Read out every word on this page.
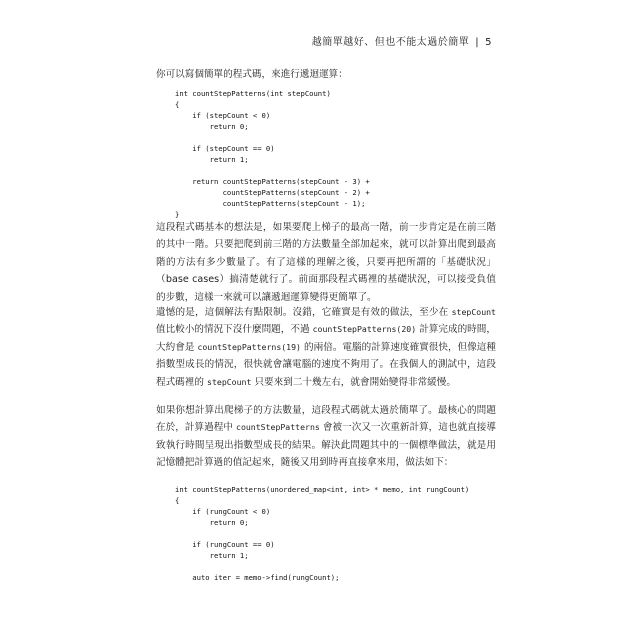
越簡單越好、但也不能太過於簡單 | 5

你可以寫個簡單的程式碼，來進行遞迴運算：

int countStepPatterns(int stepCount)
{
if (stepCount < 0)
return 0;

if (stepCount == 0)
return 1;

return countStepPatterns(stepCount - 3) +
countStepPatterns(stepCount - 2) +
countStepPatterns(stepCount - 1);
}

這段程式碼基本的想法是，如果要爬上梯子的最高一階，前一步肯定是在前三階的其中一階。只要把爬到前三階的方法數量全部加起來，就可以計算出爬到最高階的方法有多少數量了。有了這樣的理解之後，只要再把所謂的「基礎狀況」（base cases）搞清楚就行了。前面那段程式碼裡的基礎狀況，可以接受負值的步數，這樣一來就可以讓遞迴運算變得更簡單了。

遺憾的是，這個解法有點限制。沒錯，它確實是有效的做法，至少在 stepCount 值比較小的情況下沒什麼問題，不過 countStepPatterns(20) 計算完成的時間，大約會是 countStepPatterns(19) 的兩倍。電腦的計算速度確實很快，但像這種指數型成長的情況，很快就會讓電腦的速度不夠用了。在我個人的測試中，這段程式碼裡的 stepCount 只要來到二十幾左右，就會開始變得非常緩慢。

如果你想計算出爬梯子的方法數量，這段程式碼就太過於簡單了。最核心的問題在於，計算過程中 countStepPatterns 會被一次又一次重新計算，這也就直接導致執行時間呈現出指數型成長的結果。解決此問題其中的一個標準做法，就是用記憶體把計算過的值記起來，隨後又用到時再直接拿來用，做法如下：

int countStepPatterns(unordered_map<int, int> * memo, int rungCount)
{
if (rungCount < 0)
return 0;

if (rungCount == 0)
return 1;

auto iter = memo->find(rungCount);
